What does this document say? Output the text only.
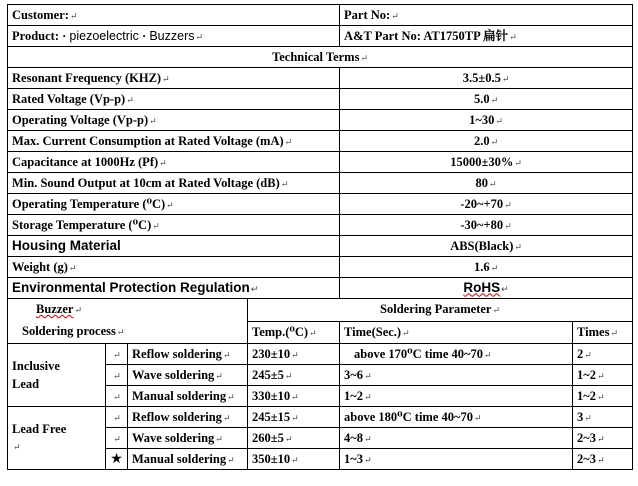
Customer:↵				Part No:↵	
Product: · piezoelectric · Buzzers↵				A&T Part No: AT1750TP 扁针↵	
Technical Terms↵					
Resonant Frequency (KHZ)↵				3.5±0.5↵	
Rated Voltage (Vp-p)↵				5.0↵	
Operating Voltage (Vp-p)↵				1~30↵	
Max. Current Consumption at Rated Voltage (mA)↵				2.0↵	
Capacitance at 1000Hz (Pf)↵				15000±30%↵	
Min. Sound Output at 10cm at Rated Voltage (dB)↵				80↵	
Operating Temperature (⁰C)↵				-20~+70↵	
Storage Temperature (⁰C)↵				-30~+80↵	
Housing Material				ABS(Black)↵	
Weight (g)↵				1.6↵	
Environmental Protection Regulation↵				RoHS↵	
Buzzer↵
Soldering process↵			Soldering Parameter↵		
			Temp.(⁰C)↵	Time(Sec.)↵	Times↵

Inclusive
Lead	↵	Reflow soldering↵	230±10↵	above 170⁰C time 40~70↵	2↵
	↵	Wave soldering↵	245±5↵	3~6↵	1~2↵
	↵	Manual soldering↵	330±10↵	1~2↵	1~2↵

Lead Free
↵	↵	Reflow soldering↵	245±15↵	above 180⁰C time 40~70↵	3↵
	↵	Wave soldering↵	260±5↵	4~8↵	2~3↵
	★	Manual soldering↵	350±10↵	1~3↵	2~3↵
